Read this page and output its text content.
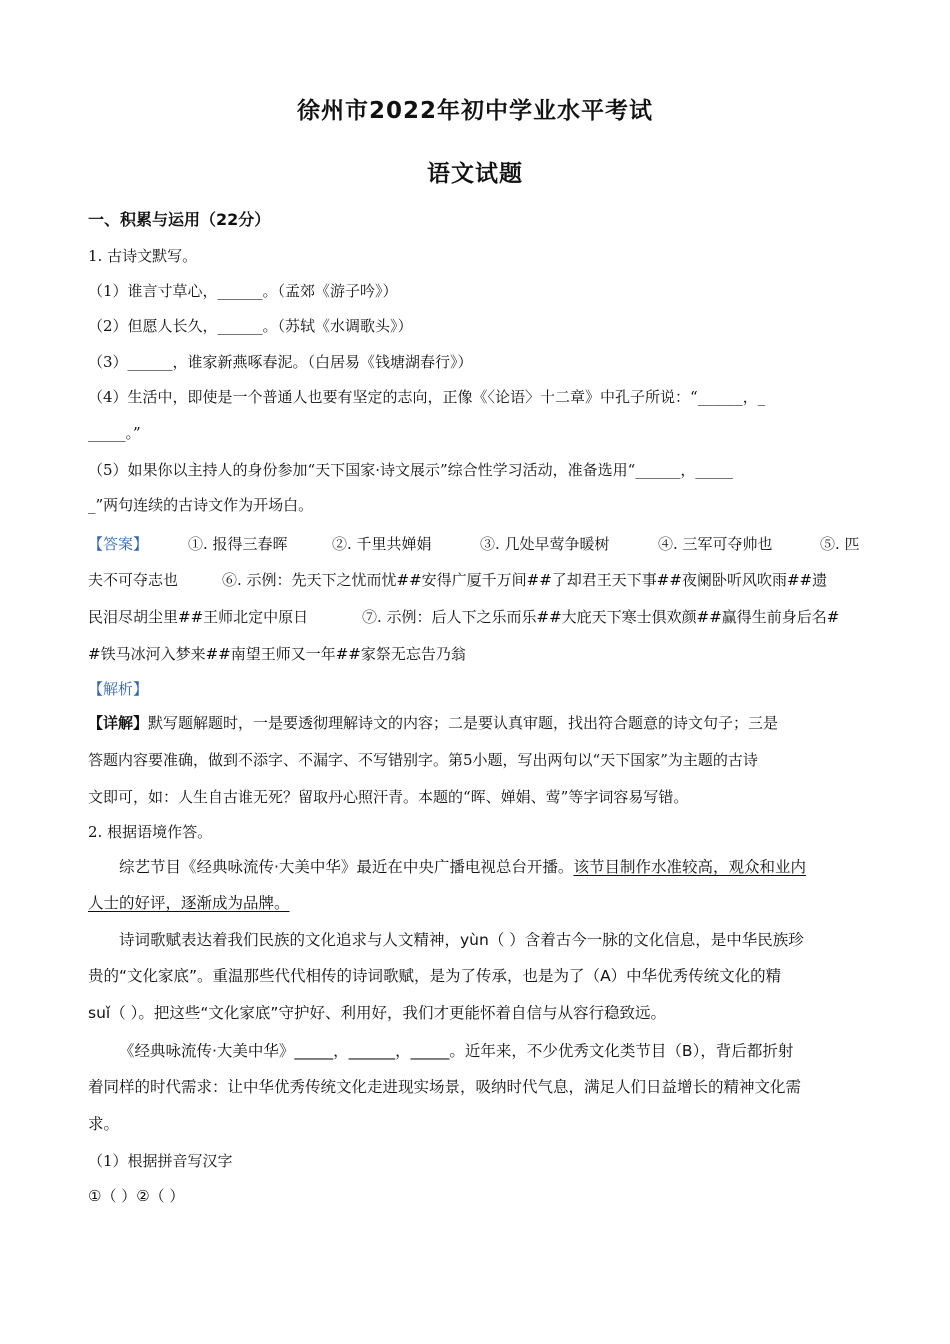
徐州市2022年初中学业水平考试
语文试题
一、积累与运用（22分）
1. 古诗文默写。
（1）谁言寸草心，______。（孟郊《游子吟》）
（2）但愿人长久，______。（苏轼《水调歌头》）
（3）______，谁家新燕啄春泥。（白居易《钱塘湖春行》）
（4）生活中，即使是一个普通人也要有坚定的志向，正像《〈论语〉十二章》中孔子所说：“______，_
_____。”
（5）如果你以主持人的身份参加“天下国家·诗文展示”综合性学习活动，准备选用“______，_____
_”两句连续的古诗文作为开场白。
【答案】	①. 报得三春晖	②. 千里共婵娟	③. 几处早莺争暖树	④. 三军可夺帅也	⑤. 匹
夫不可夺志也	⑥. 示例：先天下之忧而忧##安得广厦千万间##了却君王天下事##夜阑卧听风吹雨##遗
民泪尽胡尘里##王师北定中原日	⑦. 示例：后人下之乐而乐##大庇天下寒士俱欢颜##赢得生前身后名#
#铁马冰河入梦来##南望王师又一年##家祭无忘告乃翁
【解析】
【详解】默写题解题时，一是要透彻理解诗文的内容；二是要认真审题，找出符合题意的诗文句子；三是
答题内容要准确，做到不添字、不漏字、不写错别字。第5小题，写出两句以“天下国家”为主题的古诗
文即可，如：人生自古谁无死？留取丹心照汗青。本题的“晖、婵娟、莺”等字词容易写错。
2. 根据语境作答。
综艺节目《经典咏流传·大美中华》最近在中央广播电视总台开播。该节目制作水准较高，观众和业内
人士的好评，逐渐成为品牌。
诗词歌赋表达着我们民族的文化追求与人文精神，yùn（ ）含着古今一脉的文化信息，是中华民族珍
贵的“文化家底”。重温那些代代相传的诗词歌赋，是为了传承，也是为了（A）中华优秀传统文化的精
suǐ（ ）。把这些“文化家底”守护好、利用好，我们才更能怀着自信与从容行稳致远。
《经典咏流传·大美中华》_____，______，_____。近年来，不少优秀文化类节目（B），背后都折射
着同样的时代需求：让中华优秀传统文化走进现实场景，吸纳时代气息，满足人们日益增长的精神文化需
求。
（1）根据拼音写汉字
①（ ）②（ ）
